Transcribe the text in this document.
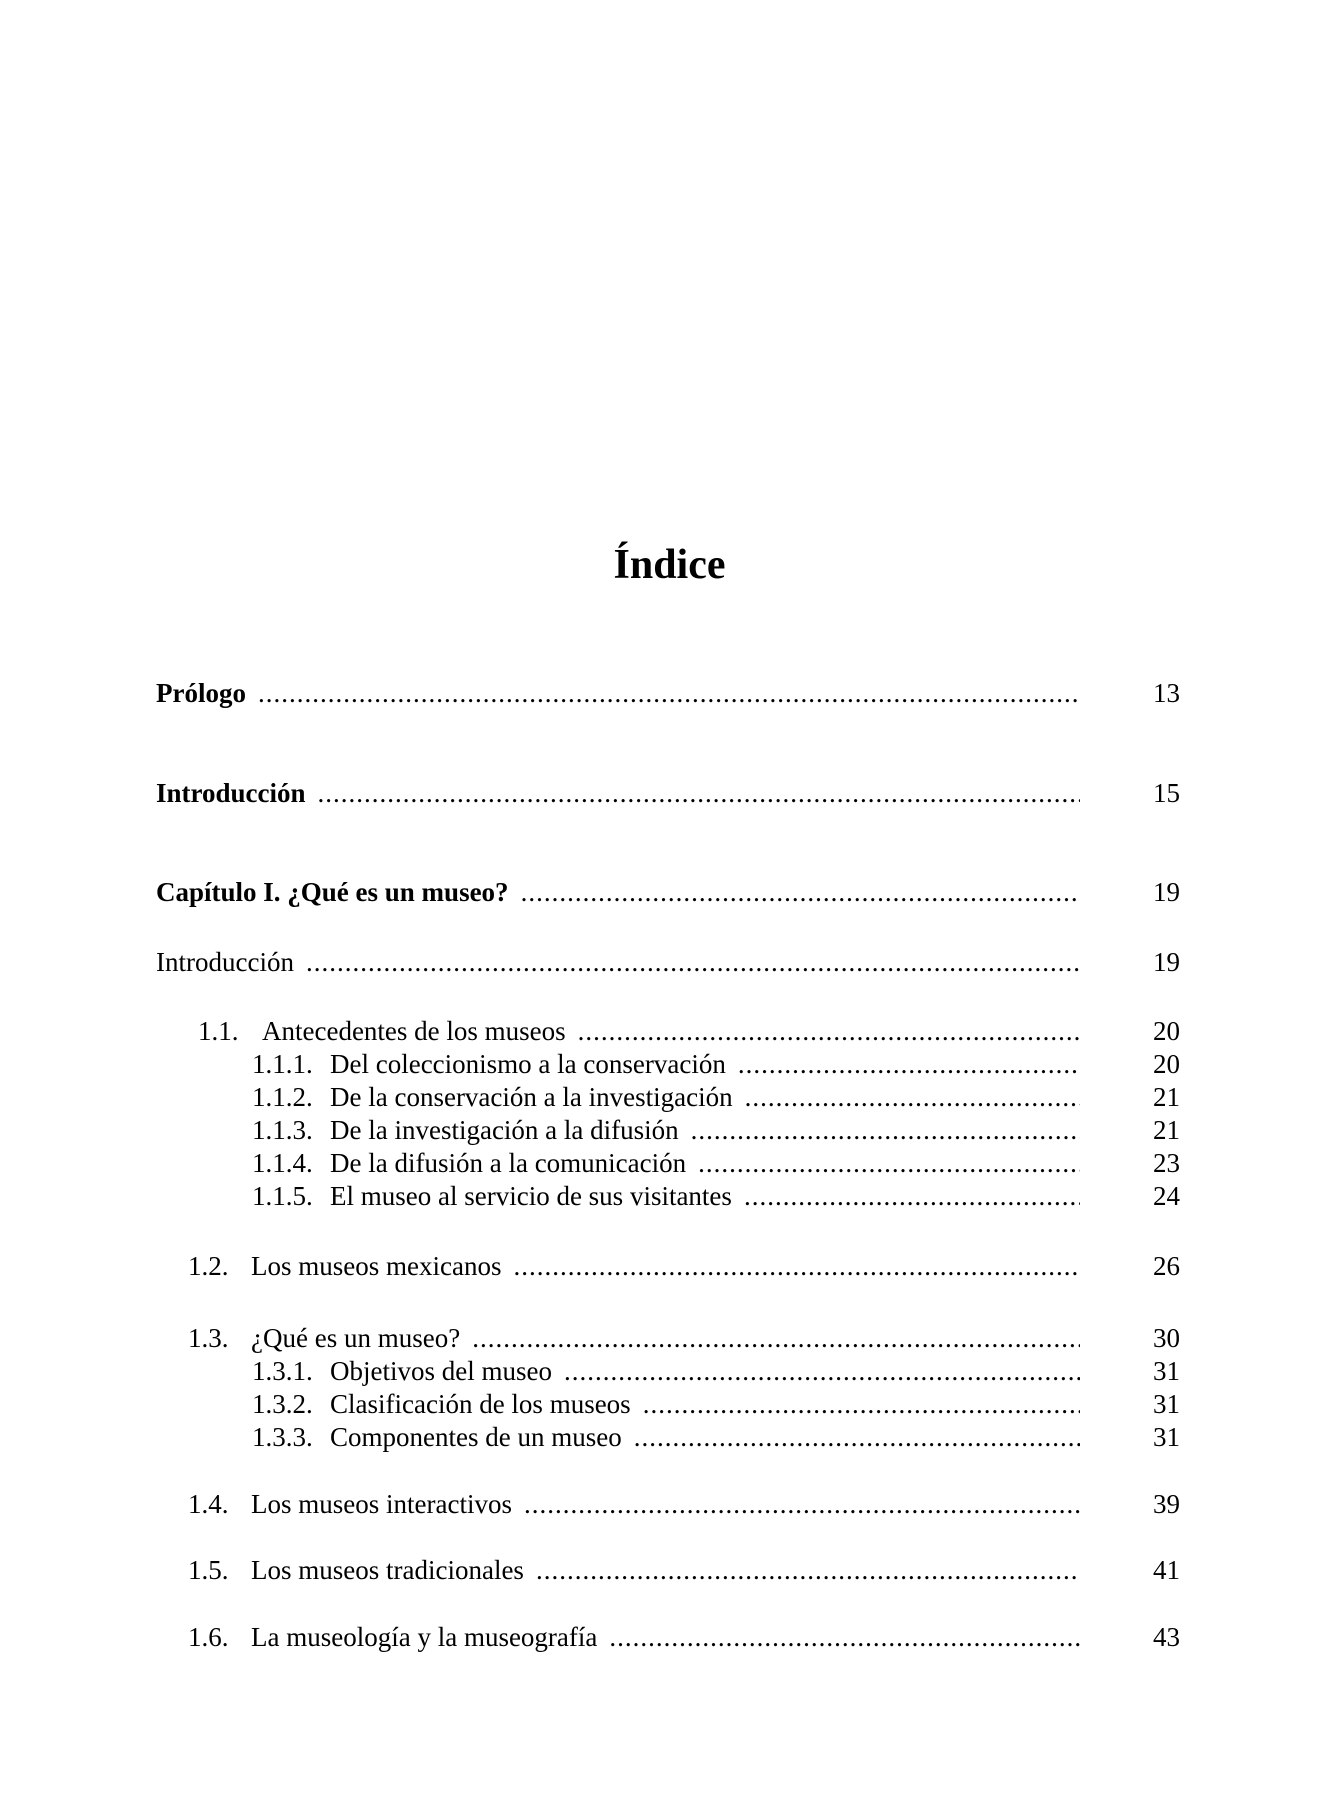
Índice
Prólogo .....	13
Introducción .....	15
Capítulo I. ¿Qué es un museo? .....	19
Introducción .....	19
1.1. Antecedentes de los museos .....	20
1.1.1. Del coleccionismo a la conservación .....	20
1.1.2. De la conservación a la investigación .....	21
1.1.3. De la investigación a la difusión .....	21
1.1.4. De la difusión a la comunicación .....	23
1.1.5. El museo al servicio de sus visitantes .....	24
1.2. Los museos mexicanos .....	26
1.3. ¿Qué es un museo? .....	30
1.3.1. Objetivos del museo .....	31
1.3.2. Clasificación de los museos .....	31
1.3.3. Componentes de un museo .....	31
1.4. Los museos interactivos .....	39
1.5. Los museos tradicionales .....	41
1.6. La museología y la museografía .....	43
